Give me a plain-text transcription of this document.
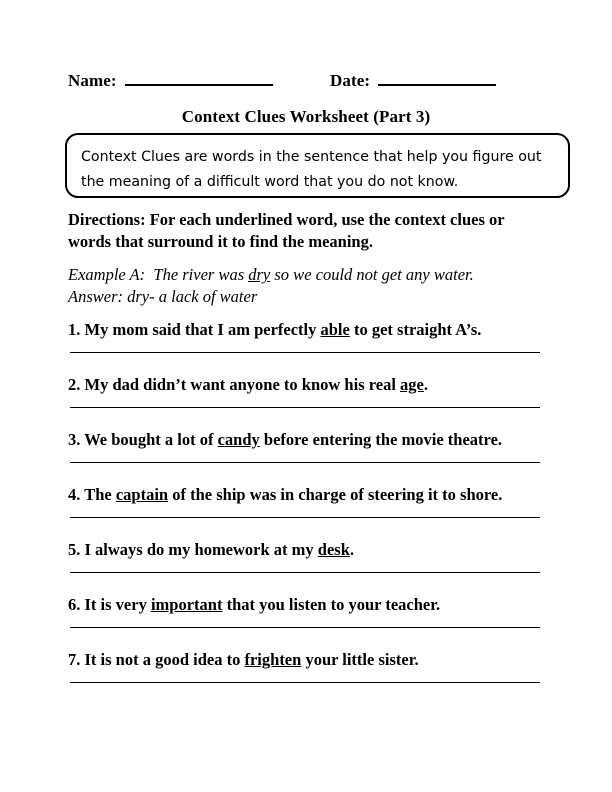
Name:	Date:
Context Clues Worksheet (Part 3)
Context Clues are words in the sentence that help you figure out
the meaning of a difficult word that you do not know.
Directions: For each underlined word, use the context clues or words that surround it to find the meaning.
Example A: The river was dry so we could not get any water.
Answer: dry- a lack of water
1. My mom said that I am perfectly able to get straight A’s.
2. My dad didn’t want anyone to know his real age.
3. We bought a lot of candy before entering the movie theatre.
4. The captain of the ship was in charge of steering it to shore.
5. I always do my homework at my desk.
6. It is very important that you listen to your teacher.
7. It is not a good idea to frighten your little sister.
